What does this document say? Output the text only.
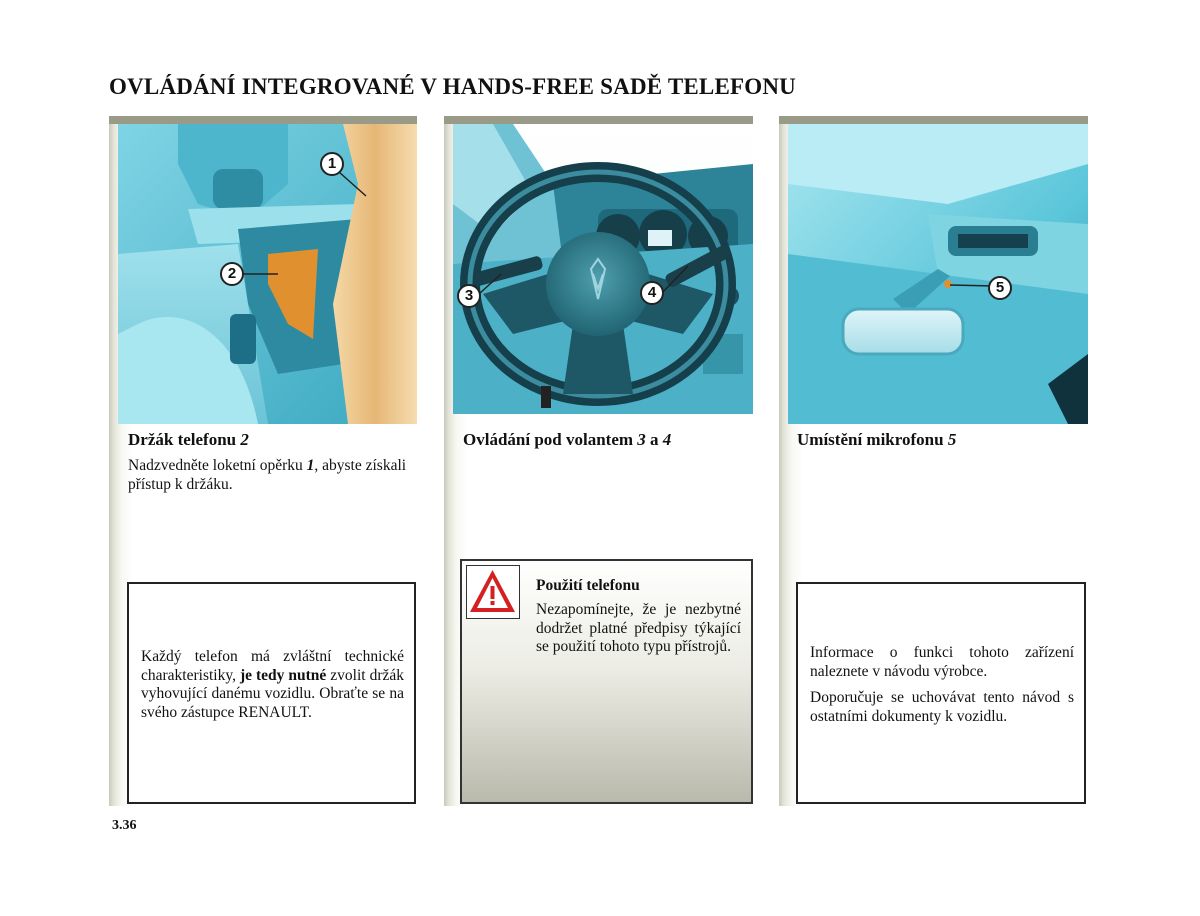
OVLÁDÁNÍ INTEGROVANÉ V HANDS-FREE SADĚ TELEFONU
1
2
Držák telefonu 2
Nadzvedněte loketní opěrku 1, abyste získali přístup k držáku.
Každý telefon má zvláštní technické charakteristiky, je tedy nutné zvolit držák vyhovující danému vozidlu. Obraťte se na svého zástupce RENAULT.
3	4
Ovládání pod volantem 3 a 4
Použití telefonu
Nezapomínejte, že je nezbytné dodržet platné předpisy týkající se použití tohoto typu přístrojů.
5
Umístění mikrofonu 5
Informace o funkci tohoto zařízení naleznete v návodu výrobce.
Doporučuje se uchovávat tento návod s ostatními dokumenty k vozidlu.
3.36
